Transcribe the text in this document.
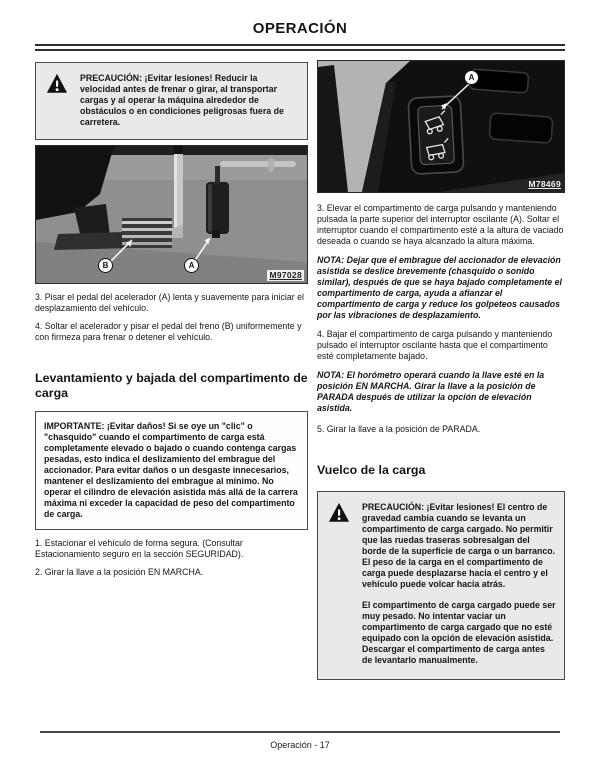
OPERACIÓN

PRECAUCIÓN: ¡Evitar lesiones! Reducir la velocidad antes de frenar o girar, al transportar cargas y al operar la máquina alrededor de obstáculos o en condiciones peligrosas fuera de carretera.

B	A
M97028

3. Pisar el pedal del acelerador (A) lenta y suavemente para iniciar el desplazamiento del vehículo.

4. Soltar el acelerador y pisar el pedal del freno (B) uniformemente y con firmeza para frenar o detener el vehículo.

Levantamiento y bajada del compartimento de carga

IMPORTANTE: ¡Evitar daños! Si se oye un "clic" o "chasquido" cuando el compartimento de carga está completamente elevado o bajado o cuando contenga cargas pesadas, esto indica el deslizamiento del embrague del accionador. Para evitar daños o un desgaste innecesarios, mantener el deslizamiento del embrague al mínimo. No operar el cilindro de elevación asistida más allá de la carrera máxima ni exceder la capacidad de peso del compartimento de carga.

1. Estacionar el vehículo de forma segura. (Consultar Estacionamiento seguro en la sección SEGURIDAD).

2. Girar la llave a la posición EN MARCHA.

A
M78469

3. Elevar el compartimento de carga pulsando y manteniendo pulsada la parte superior del interruptor oscilante (A). Soltar el interruptor cuando el compartimento esté a la altura de vaciado deseada o cuando se haya alcanzado la altura máxima.

NOTA: Dejar que el embrague del accionador de elevación asistida se deslice brevemente (chasquido o sonido similar), después de que se haya bajado completamente el compartimento de carga, ayuda a afianzar el compartimento de carga y reduce los golpeteos causados por las vibraciones de desplazamiento.

4. Bajar el compartimento de carga pulsando y manteniendo pulsado el interruptor oscilante hasta que el compartimento esté completamente bajado.

NOTA: El horómetro operará cuando la llave esté en la posición EN MARCHA. Girar la llave a la posición de PARADA después de utilizar la opción de elevación asistida.

5. Girar la llave a la posición de PARADA.

Vuelco de la carga

PRECAUCIÓN: ¡Evitar lesiones! El centro de gravedad cambia cuando se levanta un compartimento de carga cargado. No permitir que las ruedas traseras sobresalgan del borde de la superficie de carga o un barranco. El peso de la carga en el compartimento de carga puede desplazarse hacia el centro y el vehículo puede volcar hacia atrás.

El compartimento de carga cargado puede ser muy pesado. No intentar vaciar un compartimento de carga cargado que no esté equipado con la opción de elevación asistida. Descargar el compartimento de carga antes de levantarlo manualmente.

Operación - 17
